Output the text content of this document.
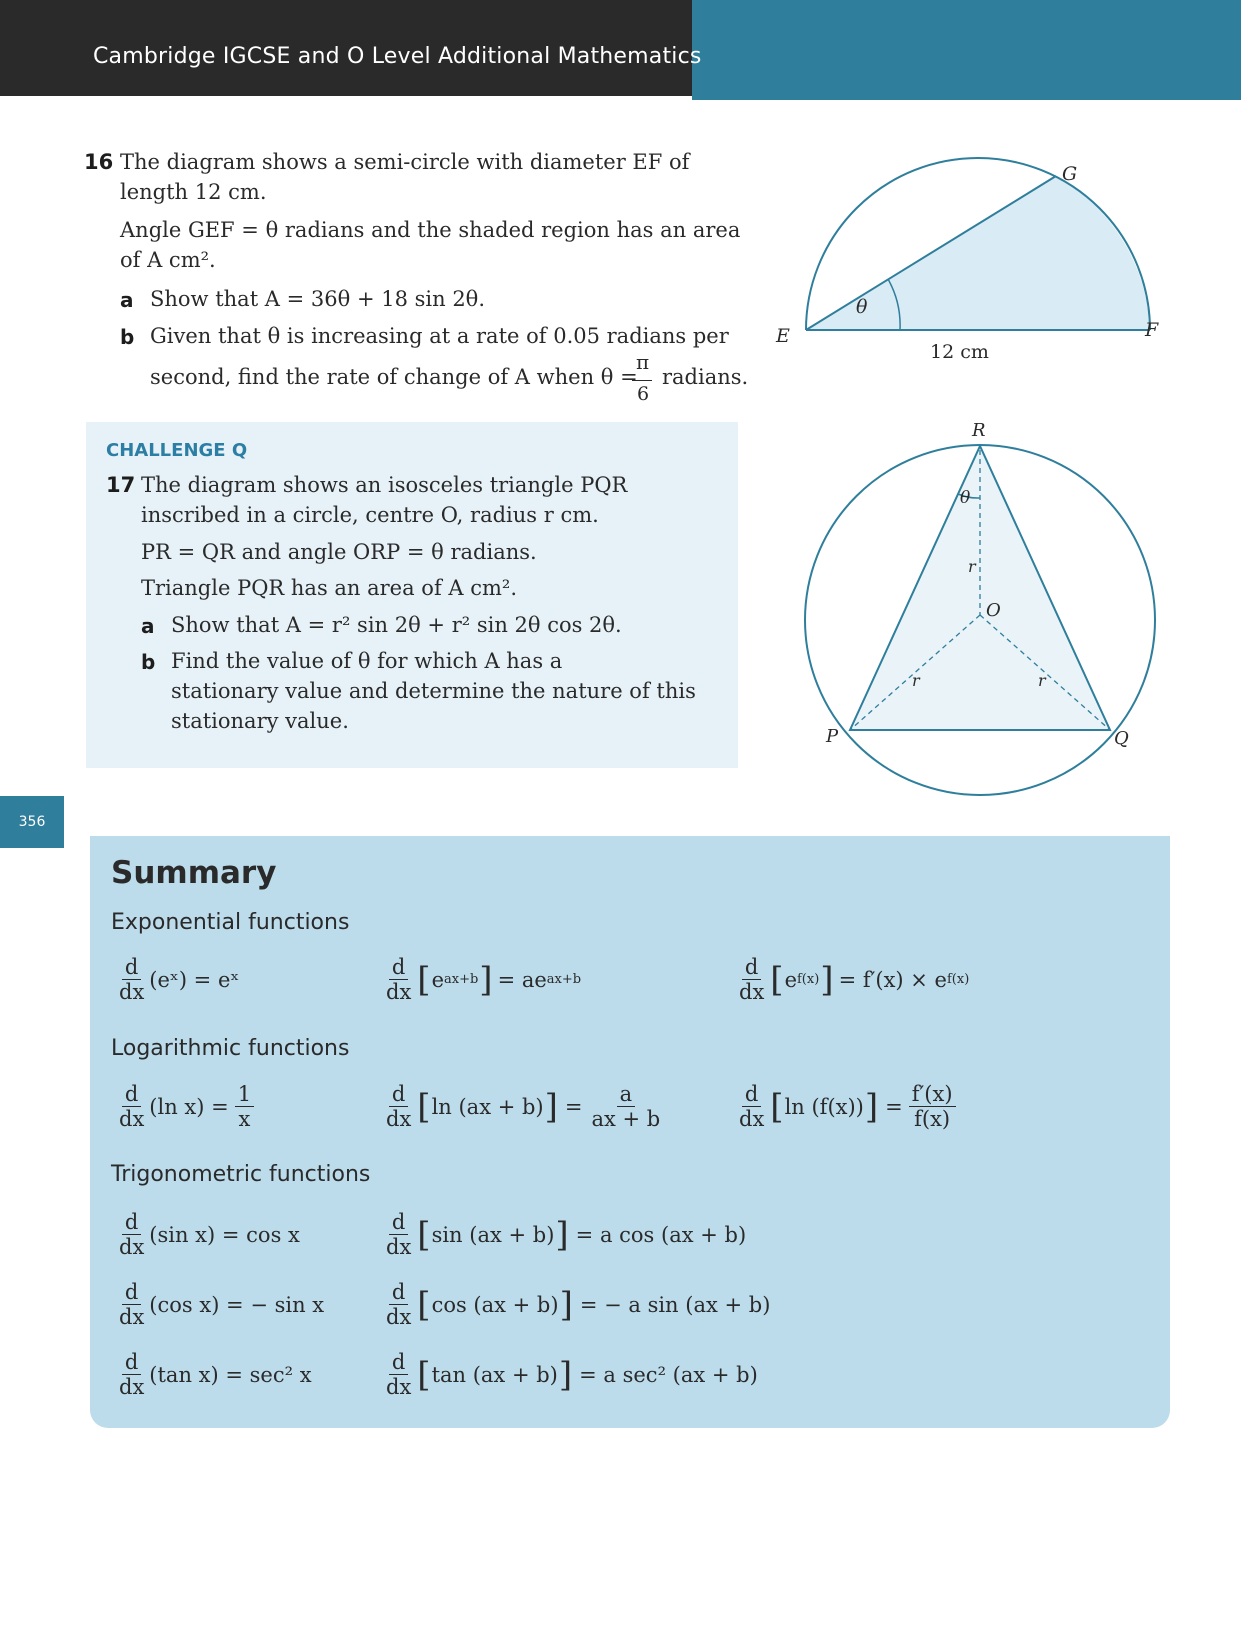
Cambridge IGCSE and O Level Additional Mathematics
16 The diagram shows a semi-circle with diameter EF of
length 12 cm.
Angle GEF = θ radians and the shaded region has an area
of A cm².
a Show that A = 36θ + 18 sin 2θ.
b Given that θ is increasing at a rate of 0.05 radians per
second, find the rate of change of A when θ =
π
6
radians.
E	F
G
θ
12 cm
CHALLENGE Q
17 The diagram shows an isosceles triangle PQR
inscribed in a circle, centre O, radius r cm.
PR = QR and angle ORP = θ radians.
Triangle PQR has an area of A cm².
a Show that A = r² sin 2θ + r² sin 2θ cos 2θ.
b Find the value of θ for which A has a
stationary value and determine the nature of this
stationary value.
R
P	Q
O
θ
r
r	r
356
Summary
Exponential functions
$\frac{d}{dx}$ (eˣ) = eˣ	$\frac{d}{dx}$ [ e ax+b ] = ae ax+b	$\frac{d}{dx}$ [ e f(x) ] = f′(x) × e f(x)
Logarithmic functions
$\frac{d}{dx} (\ln$ $x) = \frac{1}{x}$	$\frac{d}{dx}$ [ ln (ax + b) ] = $\frac{a}{ax + b}$	$\frac{d}{dx}$ [ ln (f(x)) ] = $\frac{f'(x)}{f(x)}$
Trigonometric functions
$\frac{d}{dx} (\sin$ x) = cos x	$\frac{d}{dx}$ [ sin (ax + b) ] = a cos (ax + b)
$\frac{d}{dx} (\cos$ x) = − sin x	$\frac{d}{dx}$ [ cos (ax + b) ] = − a sin (ax + b)
$\frac{d}{dx} (\tan$ x) = sec² x	$\frac{d}{dx}$ [ tan (ax + b) ] = a sec² (ax + b)
